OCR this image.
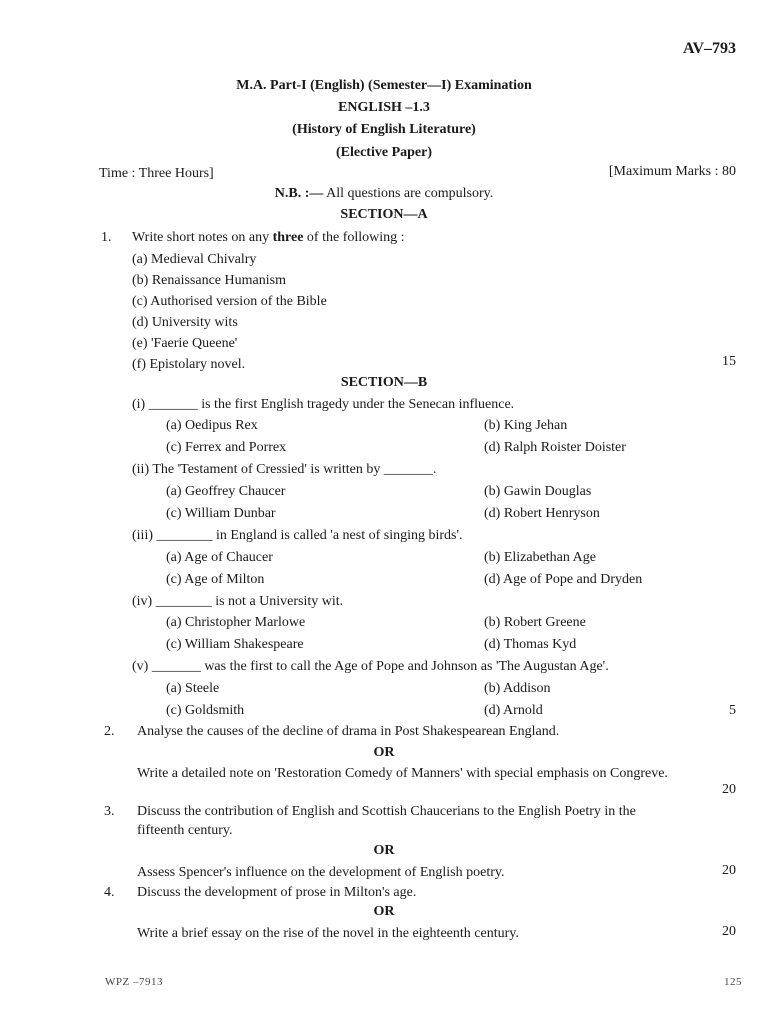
AV–793
M.A. Part-I (English) (Semester—I) Examination
ENGLISH –1.3
(History of English Literature)
(Elective Paper)
Time : Three Hours]	[Maximum Marks : 80
N.B. :— All questions are compulsory.
SECTION—A
1. Write short notes on any three of the following :
(a) Medieval Chivalry
(b) Renaissance Humanism
(c) Authorised version of the Bible
(d) University wits
(e) 'Faerie Queene'
(f) Epistolary novel.	15
SECTION—B
(i) _______ is the first English tragedy under the Senecan influence.
(a) Oedipus Rex	(b) King Jehan
(c) Ferrex and Porrex	(d) Ralph Roister Doister
(ii) The 'Testament of Cressied' is written by _______.
(a) Geoffrey Chaucer	(b) Gawin Douglas
(c) William Dunbar	(d) Robert Henryson
(iii) ________ in England is called 'a nest of singing birds'.
(a) Age of Chaucer	(b) Elizabethan Age
(c) Age of Milton	(d) Age of Pope and Dryden
(iv) ________ is not a University wit.
(a) Christopher Marlowe	(b) Robert Greene
(c) William Shakespeare	(d) Thomas Kyd
(v) _______ was the first to call the Age of Pope and Johnson as 'The Augustan Age'.
(a) Steele	(b) Addison
(c) Goldsmith	(d) Arnold	5
2. Analyse the causes of the decline of drama in Post Shakespearean England.
OR
Write a detailed note on 'Restoration Comedy of Manners' with special emphasis on Congreve.
20
3. Discuss the contribution of English and Scottish Chaucerians to the English Poetry in the
fifteenth century.
OR
Assess Spencer's influence on the development of English poetry.	20
4. Discuss the development of prose in Milton's age.
OR
Write a brief essay on the rise of the novel in the eighteenth century.	20
WPZ –7913	125
